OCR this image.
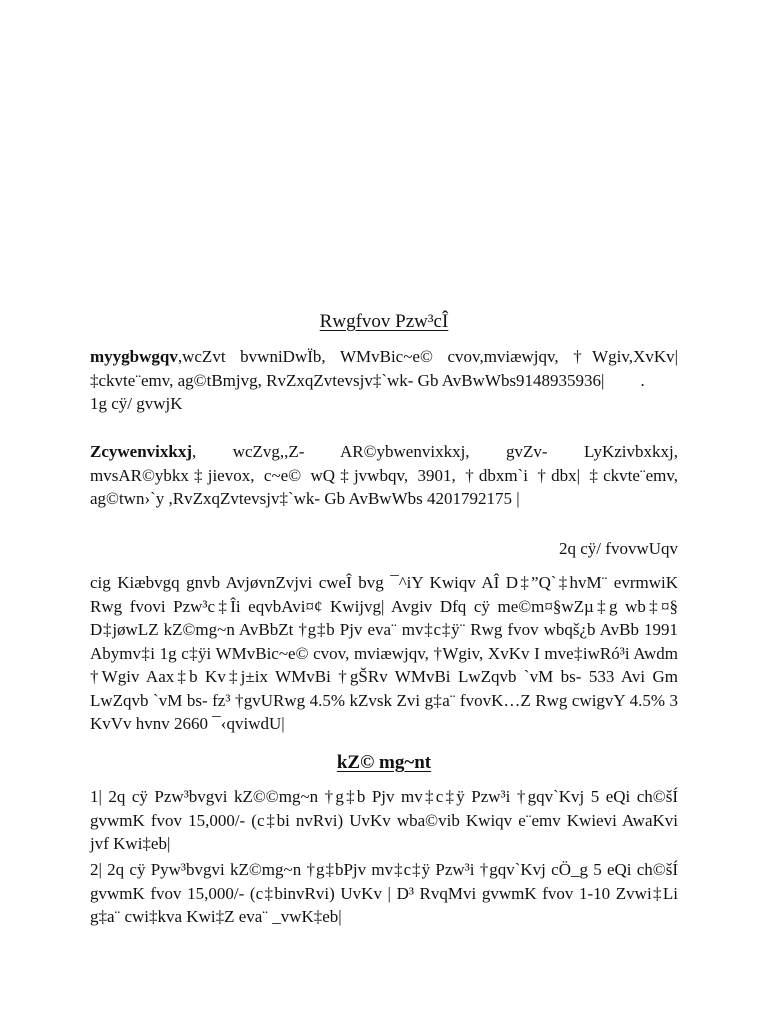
Rwgfvov Pzw³cÎ
myygbwgqv,wcZvt bvwniDwÏb, WMvBic~e© cvov,mviæwjqv, †Wgiv,XvKv| ‡ckvte¨emv, ag©tBmjvg, RvZxqZvtevsjv‡`wk- Gb AvBwWbs9148935936| .
1g cÿ/ gvwjK
Zcywenvixkxj, wcZvg,,Z- AR©ybwenvixkxj, gvZv- LyKzivbxkxj, mvsAR©ybkx‡jievox, c~e© wQ‡jvwbqv, 3901, †dbxm`i †dbx| ‡ckvte¨emv, ag©twn›`y ,RvZxqZvtevsjv‡`wk- Gb AvBwWbs 4201792175 |
2q cÿ/ fvovwUqv
cig Kiæbvgq gnvb AvjøvnZvjvi cweÎ bvg ¯^iY Kwiqv AÎ D‡”Q`‡hvM¨ evrmwiK Rwg fvovi Pzw³c‡Îi eqvbAvi¤¢ Kwijvg| Avgiv Dfq cÿ me©m¤§wZµ‡g wb‡¤§ D‡jøwLZ kZ©mg~n AvBbZt †g‡b Pjv eva¨ mv‡c‡ÿ¨ Rwg fvov wbqš¿b AvBb 1991 Abymv‡i 1g c‡ÿi WMvBic~e© cvov, mviæwjqv, †Wgiv, XvKv I mve‡iwRó³i Awdm †Wgiv Aax‡b Kv‡j±ix WMvBi †gŠRv WMvBi LwZqvb `vM bs- 533 Avi Gm LwZqvb `vM bs- fz³ †gvURwg 4.5% kZvsk Zvi g‡a¨ fvovK…Z Rwg cwigvY 4.5% 3 KvVv hvnv 2660 ¯‹qviwdU|
kZ© mg~nt
1| 2q cÿ Pzw³bvgvi kZ©©mg~n †g‡b Pjv mv‡c‡ÿ Pzw³i †gqv`Kvj 5 eQi ch©šÍ gvwmK fvov 15,000/- (c‡bi nvRvi) UvKv wba©vib Kwiqv e¨emv Kwievi AwaKvi jvf Kwi‡eb|
2| 2q cÿ Pyw³bvgvi kZ©mg~n †g‡bPjv mv‡c‡ÿ Pzw³i †gqv`Kvj cÖ_g 5 eQi ch©šÍ gvwmK fvov 15,000/- (c‡binvRvi) UvKv | D³ RvqMvi gvwmK fvov 1-10 Zvwi‡Li g‡a¨ cwi‡kva Kwi‡Z eva¨ _vwK‡eb|
